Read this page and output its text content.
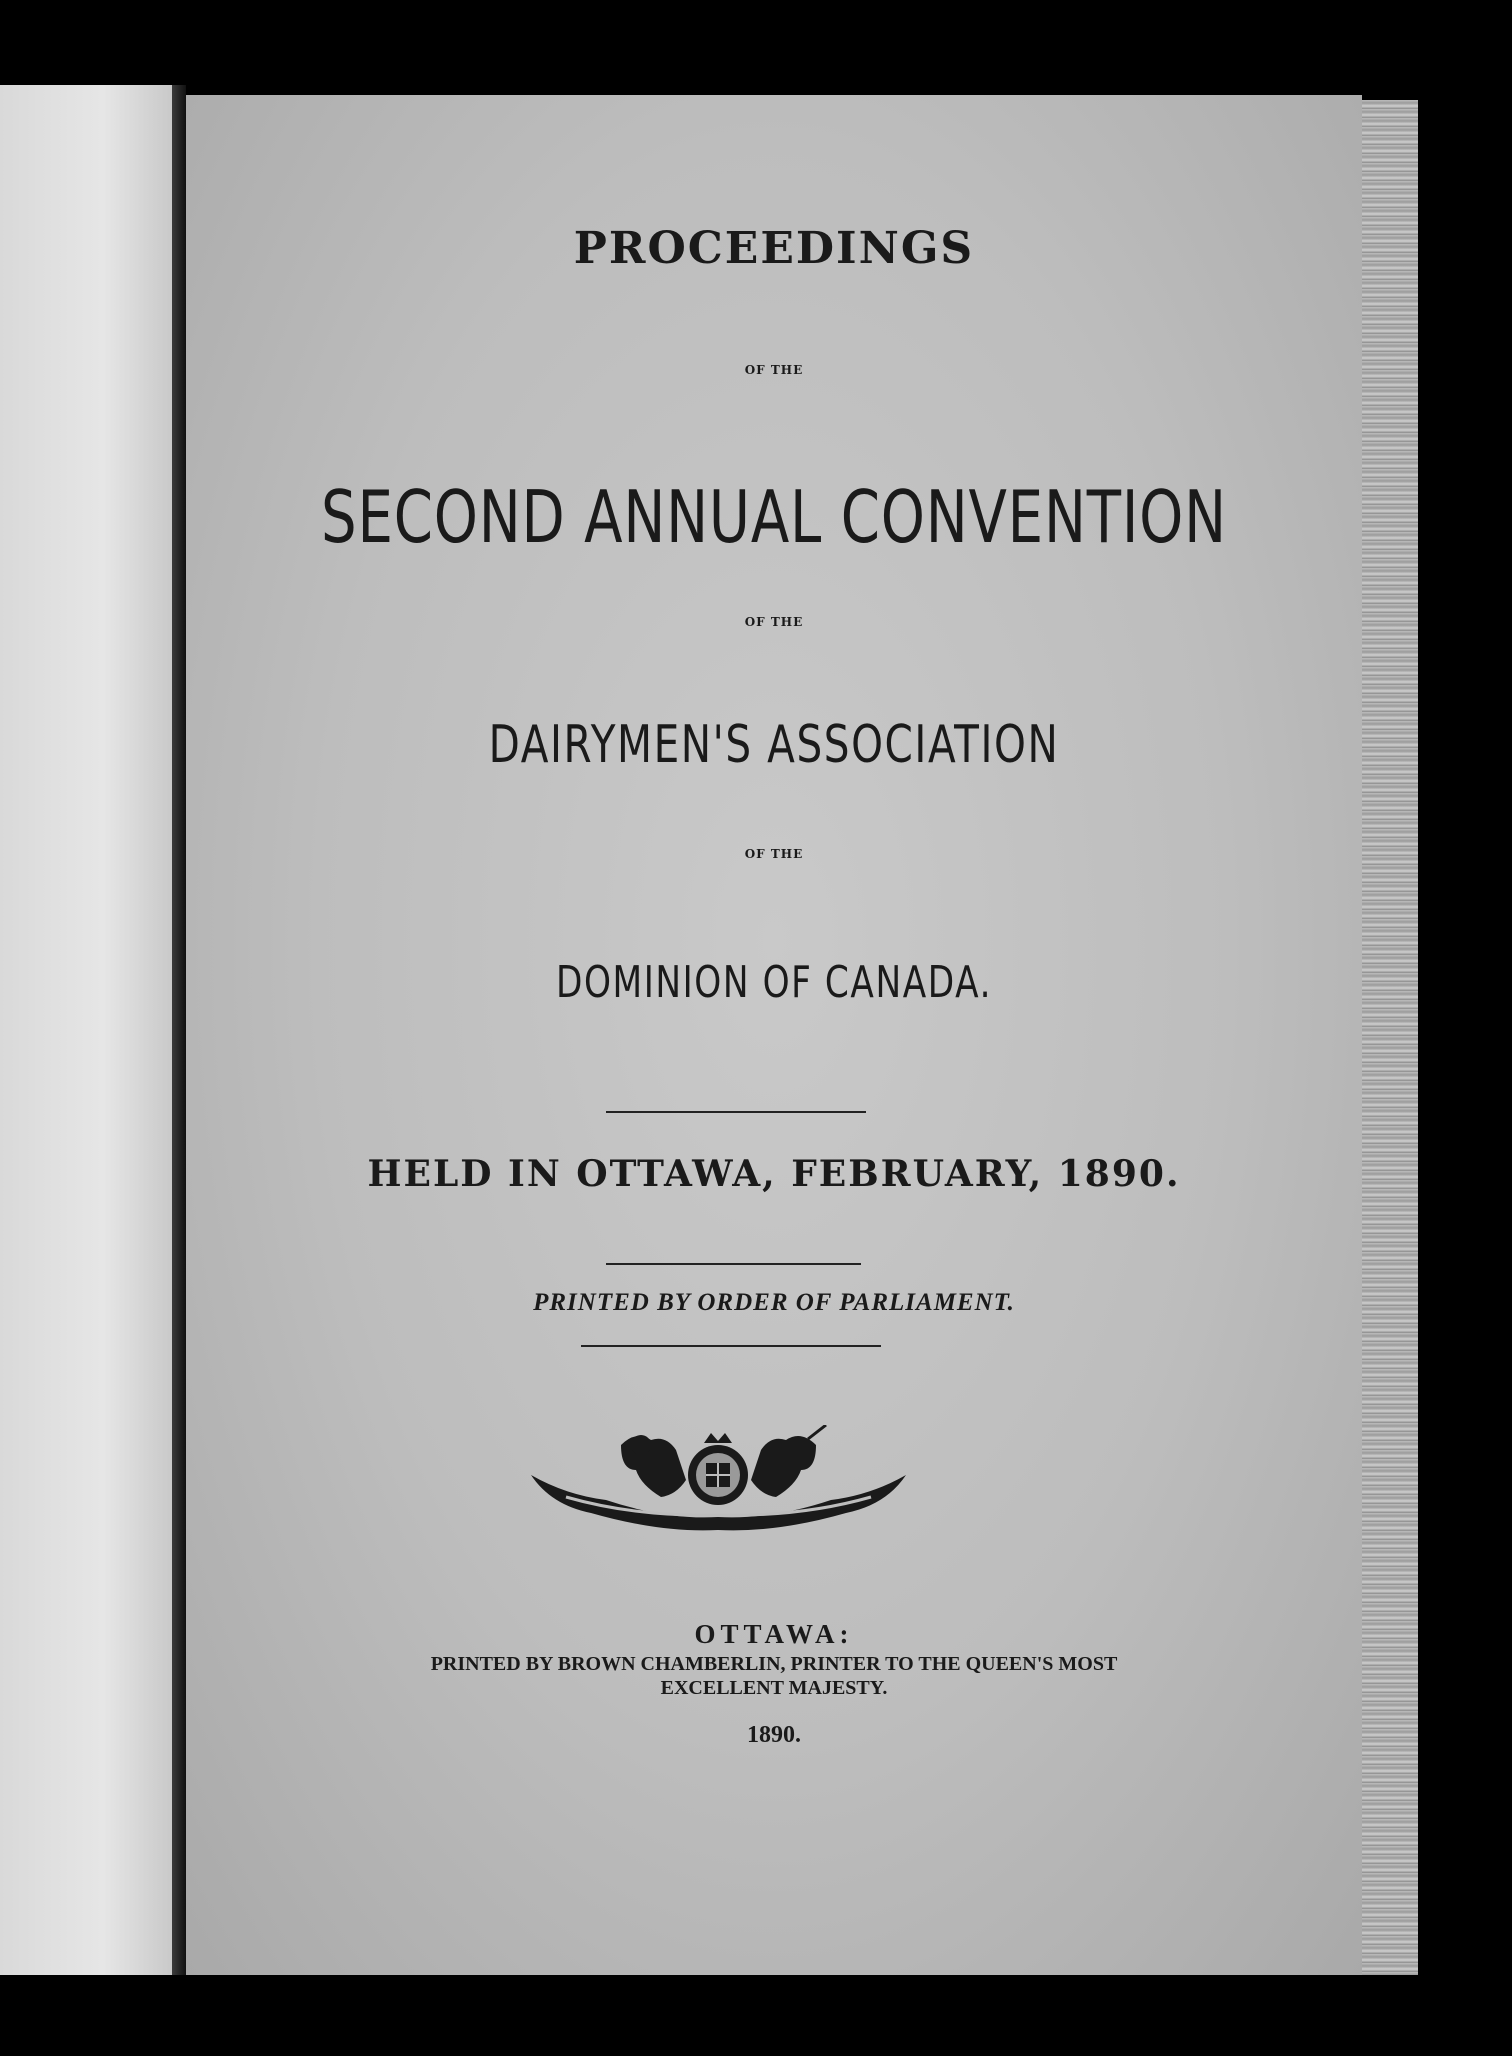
PROCEEDINGS
OF THE
SECOND ANNUAL CONVENTION
OF THE
DAIRYMEN'S ASSOCIATION
OF THE
DOMINION OF CANADA.
HELD IN OTTAWA, FEBRUARY, 1890.
PRINTED BY ORDER OF PARLIAMENT.
OTTAWA:
PRINTED BY BROWN CHAMBERLIN, PRINTER TO THE QUEEN'S MOST
EXCELLENT MAJESTY.
1890.
